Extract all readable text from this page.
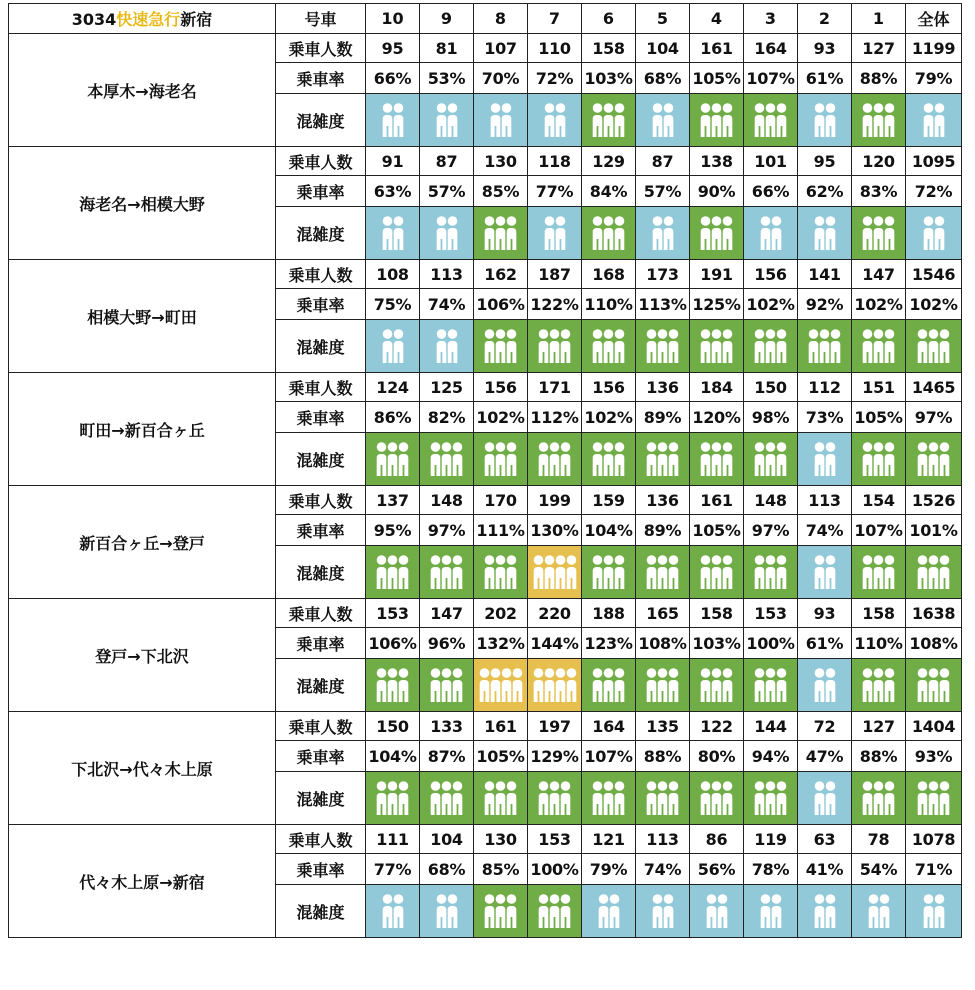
3034快速急行新宿	号車	10	9	8	7	6	5	4	3	2	1	全体
本厚木→海老名	乗車人数	95	81	107	110	158	104	161	164	93	127	1199
	乗車率	66%	53%	70%	72%	103%	68%	105%	107%	61%	88%	79%
	混雑度	

海老名→相模大野	乗車人数	91	87	130	118	129	87	138	101	95	120	1095
	乗車率	63%	57%	85%	77%	84%	57%	90%	66%	62%	83%	72%
	混雑度	

相模大野→町田	乗車人数	108	113	162	187	168	173	191	156	141	147	1546
	乗車率	75%	74%	106%	122%	110%	113%	125%	102%	92%	102%	102%
	混雑度	

町田→新百合ヶ丘	乗車人数	124	125	156	171	156	136	184	150	112	151	1465
	乗車率	86%	82%	102%	112%	102%	89%	120%	98%	73%	105%	97%
	混雑度	

新百合ヶ丘→登戸	乗車人数	137	148	170	199	159	136	161	148	113	154	1526
	乗車率	95%	97%	111%	130%	104%	89%	105%	97%	74%	107%	101%
	混雑度	

登戸→下北沢	乗車人数	153	147	202	220	188	165	158	153	93	158	1638
	乗車率	106%	96%	132%	144%	123%	108%	103%	100%	61%	110%	108%
	混雑度	

下北沢→代々木上原	乗車人数	150	133	161	197	164	135	122	144	72	127	1404
	乗車率	104%	87%	105%	129%	107%	88%	80%	94%	47%	88%	93%
	混雑度	

代々木上原→新宿	乗車人数	111	104	130	153	121	113	86	119	63	78	1078
	乗車率	77%	68%	85%	100%	79%	74%	56%	78%	41%	54%	71%
	混雑度	
